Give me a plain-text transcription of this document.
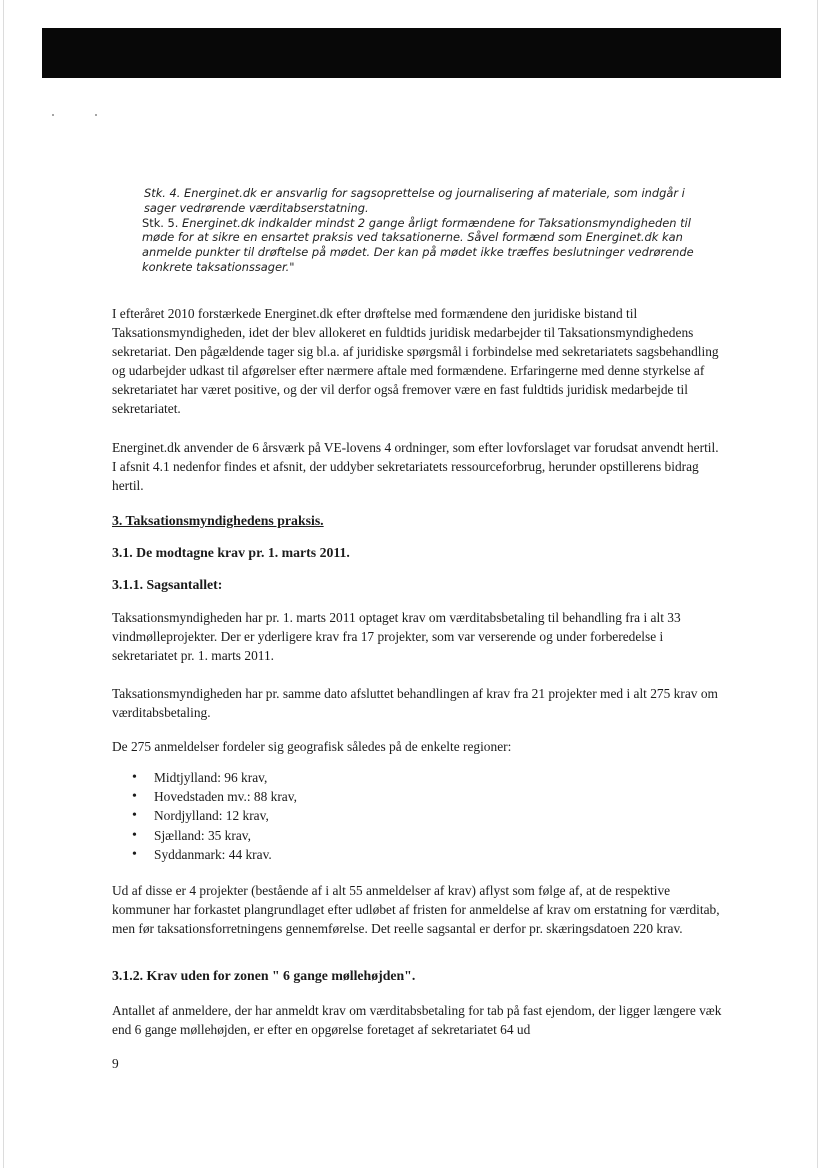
Stk. 4. Energinet.dk er ansvarlig for sagsoprettelse og journalisering af materiale, som indgår i sager vedrørende værditabserstatning.

Stk. 5. Energinet.dk indkalder mindst 2 gange årligt formændene for Taksationsmyndigheden til møde for at sikre en ensartet praksis ved taksationerne. Såvel formænd som Energinet.dk kan anmelde punkter til drøftelse på mødet. Der kan på mødet ikke træffes beslutninger vedrørende konkrete taksationssager."

I efteråret 2010 forstærkede Energinet.dk efter drøftelse med formændene den juridiske bistand til Taksationsmyndigheden, idet der blev allokeret en fuldtids juridisk medarbejder til Taksationsmyndighedens sekretariat. Den pågældende tager sig bl.a. af juridiske spørgsmål i forbindelse med sekretariatets sagsbehandling og udarbejder udkast til afgørelser efter nærmere aftale med formændene. Erfaringerne med denne styrkelse af sekretariatet har været positive, og der vil derfor også fremover være en fast fuldtids juridisk medarbejde til sekretariatet.

Energinet.dk anvender de 6 årsværk på VE-lovens 4 ordninger, som efter lovforslaget var forudsat anvendt hertil. I afsnit 4.1 nedenfor findes et afsnit, der uddyber sekretariatets ressourceforbrug, herunder opstillerens bidrag hertil.

3. Taksationsmyndighedens praksis.
3.1. De modtagne krav pr. 1. marts 2011.
3.1.1. Sagsantallet:

Taksationsmyndigheden har pr. 1. marts 2011 optaget krav om værditabsbetaling til behandling fra i alt 33 vindmølleprojekter. Der er yderligere krav fra 17 projekter, som var verserende og under forberedelse i sekretariatet pr. 1. marts 2011.

Taksationsmyndigheden har pr. samme dato afsluttet behandlingen af krav fra 21 projekter med i alt 275 krav om værditabsbetaling.

De 275 anmeldelser fordeler sig geografisk således på de enkelte regioner:

• Midtjylland: 96 krav,
• Hovedstaden mv.: 88 krav,
• Nordjylland: 12 krav,
• Sjælland: 35 krav,
• Syddanmark: 44 krav.

Ud af disse er 4 projekter (bestående af i alt 55 anmeldelser af krav) aflyst som følge af, at de respektive kommuner har forkastet plangrundlaget efter udløbet af fristen for anmeldelse af krav om erstatning for værditab, men før taksationsforretningens gennemførelse. Det reelle sagsantal er derfor pr. skæringsdatoen 220 krav.

3.1.2. Krav uden for zonen " 6 gange møllehøjden".

Antallet af anmeldere, der har anmeldt krav om værditabsbetaling for tab på fast ejendom, der ligger længere væk end 6 gange møllehøjden, er efter en opgørelse foretaget af sekretariatet 64 ud

9
